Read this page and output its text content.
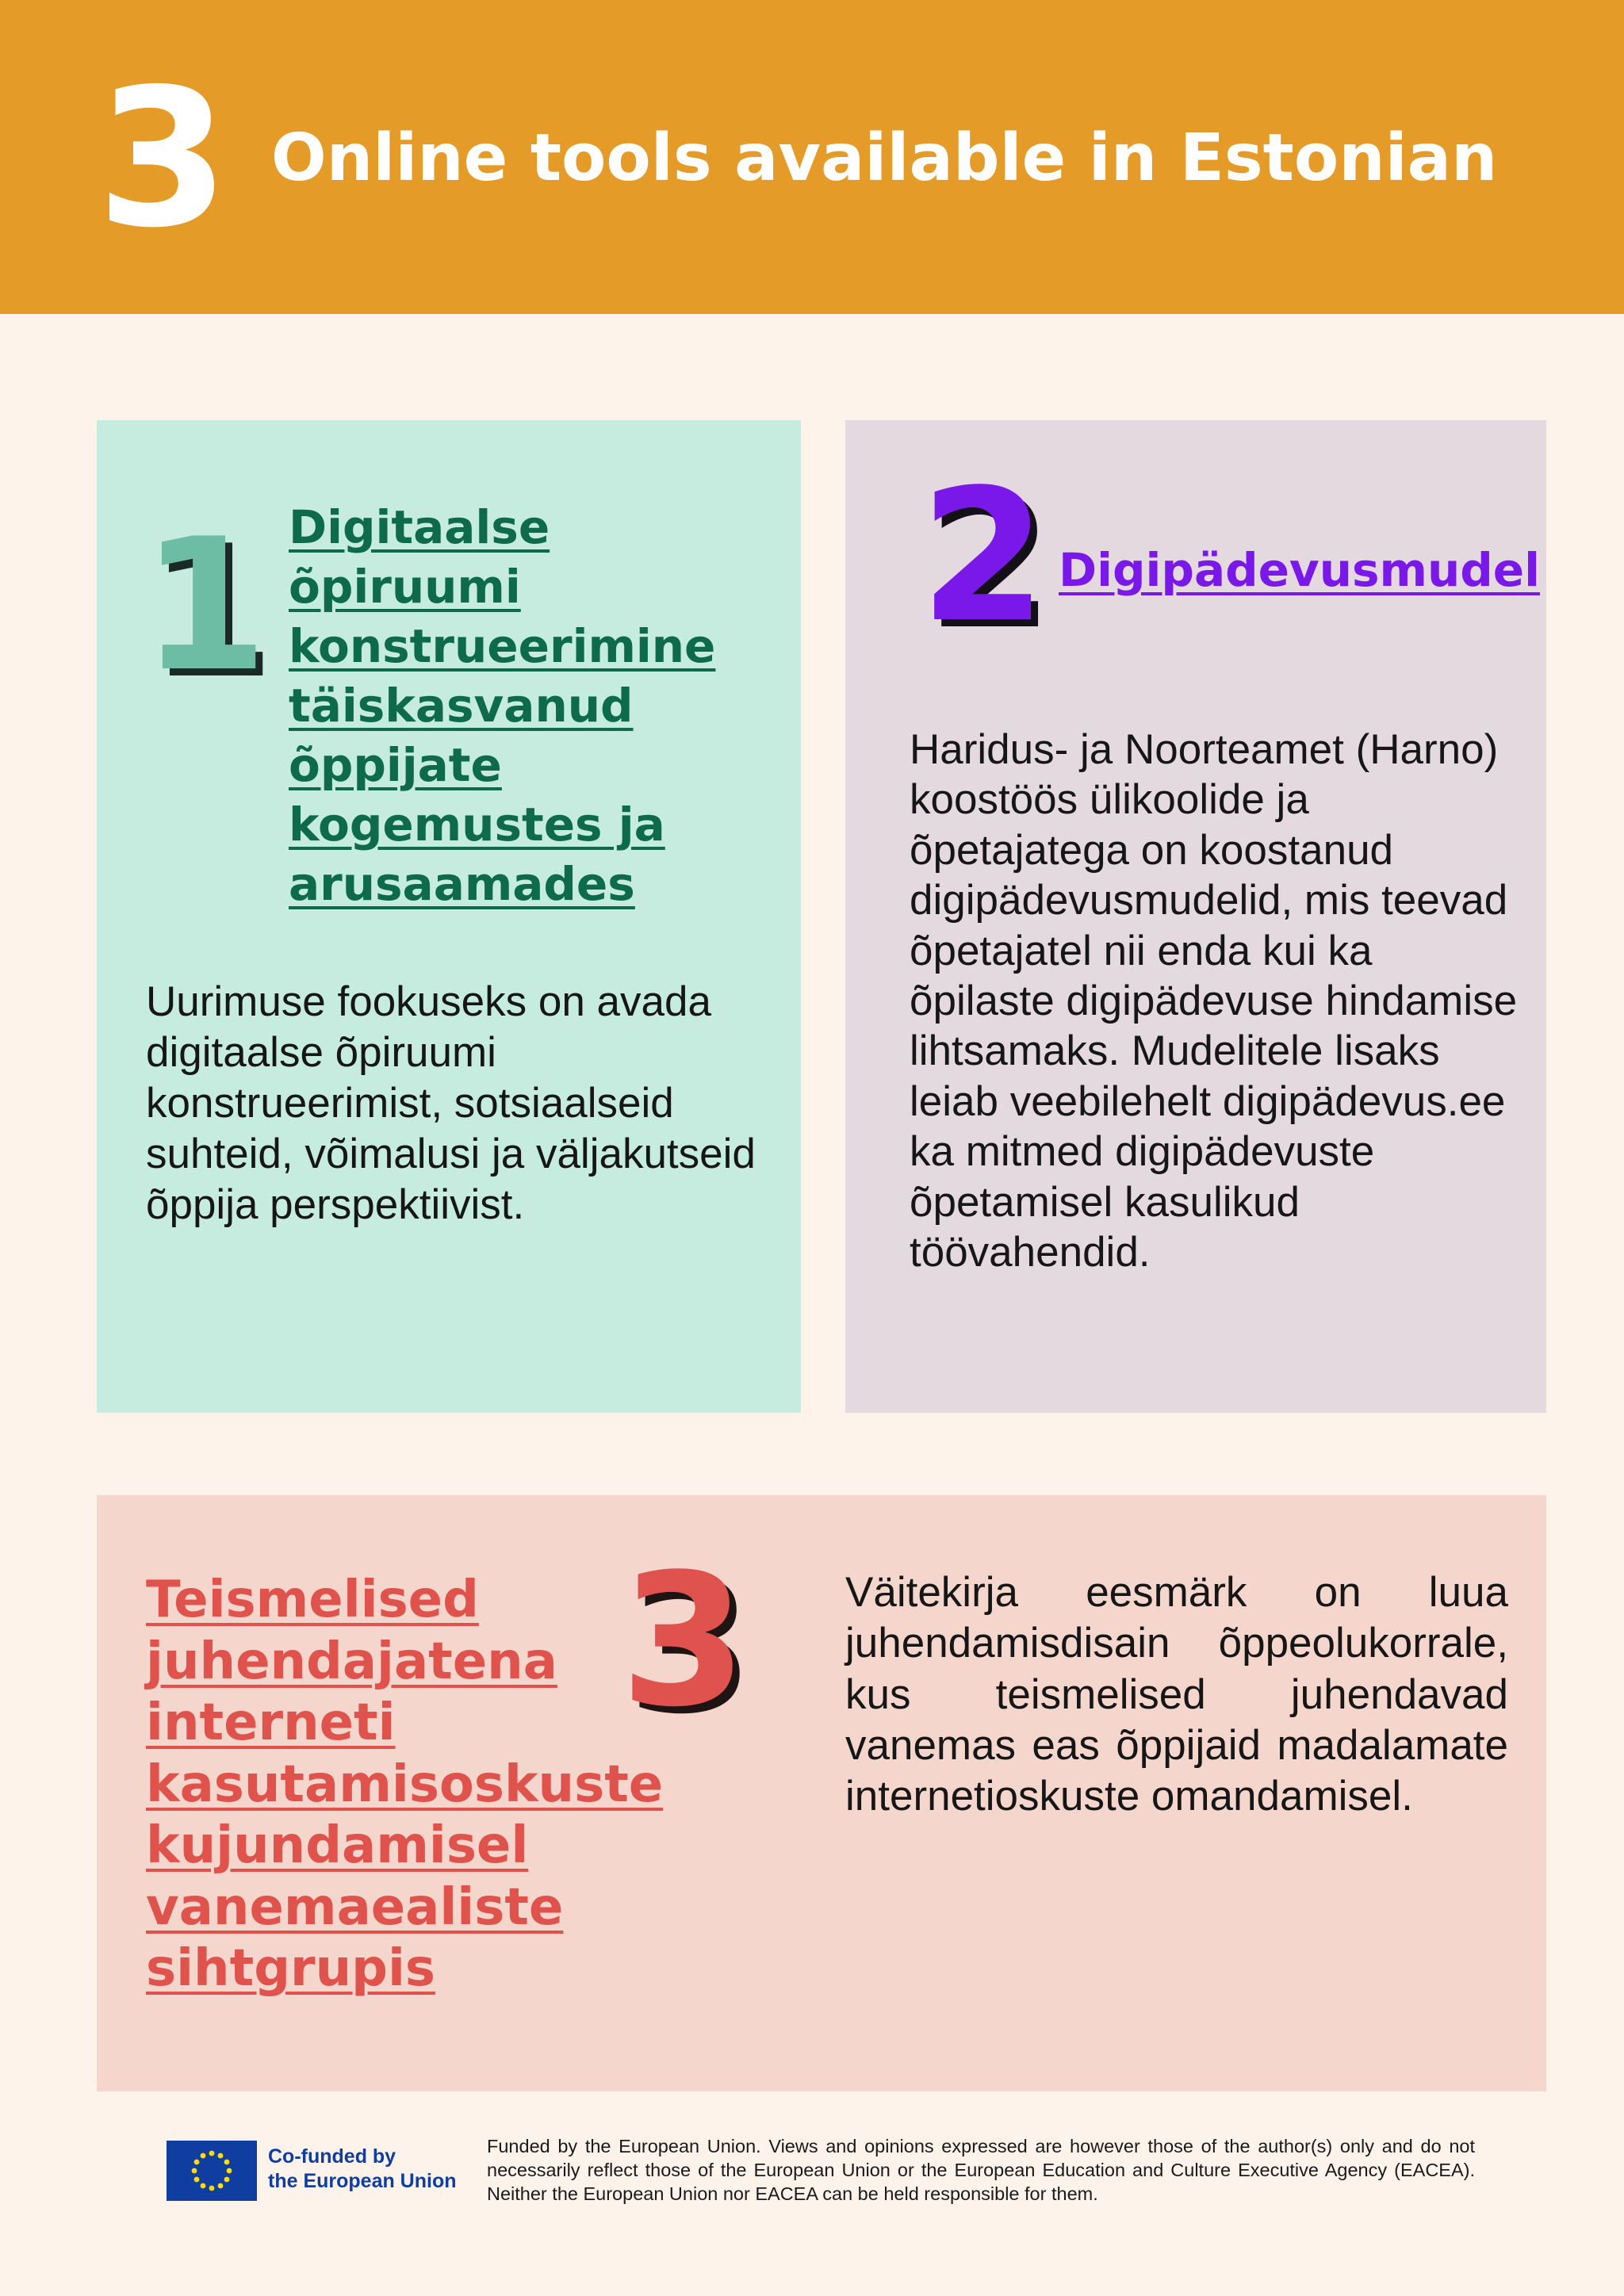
3 Online tools available in Estonian
1 Digitaalse õpiruumi konstrueerimine täiskasvanud õppijate kogemustes ja arusaamades

Uurimuse fookuseks on avada digitaalse õpiruumi konstrueerimist, sotsiaalseid suhteid, võimalusi ja väljakutseid õppija perspektiivist.

2 Digipädevusmudel

Haridus- ja Noorteamet (Harno) koostöös ülikoolide ja õpetajatega on koostanud digipädevusmudelid, mis teevad õpetajatel nii enda kui ka õpilaste digipädevuse hindamise lihtsamaks. Mudelitele lisaks leiab veebilehelt digipädevus.ee ka mitmed digipädevuste õpetamisel kasulikud töövahendid.

Teismelised juhendajatena interneti kasutamisoskuste kujundamisel vanemaealiste sihtgrupis

3 Väitekirja eesmärk on luua juhendamisdisain õppeolukorrale, kus teismelised juhendavad vanemas eas õppijaid madalamate internetioskuste omandamisel.

Co-funded by
the European Union

Funded by the European Union. Views and opinions expressed are however those of the author(s) only and do not necessarily reflect those of the European Union or the European Education and Culture Executive Agency (EACEA). Neither the European Union nor EACEA can be held responsible for them.
